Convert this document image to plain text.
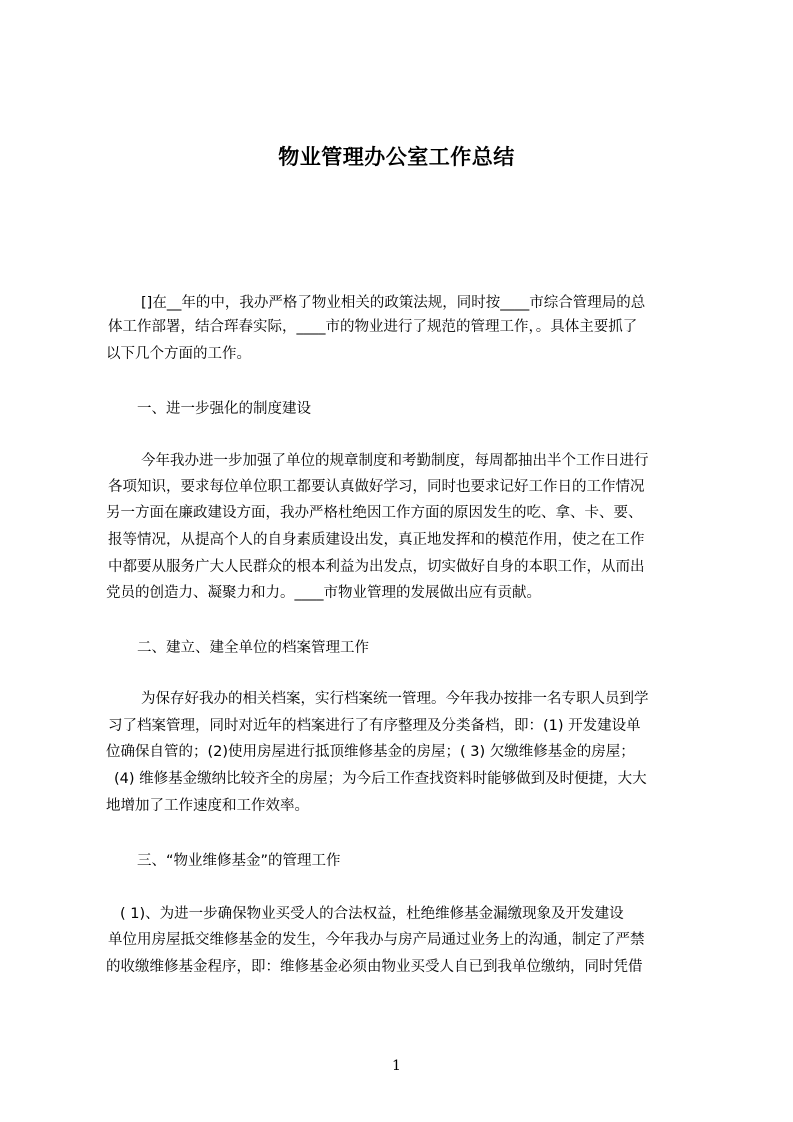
物业管理办公室工作总结
[]在__年的中，我办严格了物业相关的政策法规，同时按____市综合管理局的总
体工作部署，结合珲春实际，____市的物业进行了规范的管理工作，。具体主要抓了
以下几个方面的工作。
一、进一步强化的制度建设
今年我办进一步加强了单位的规章制度和考勤制度，每周都抽出半个工作日进行
各项知识，要求每位单位职工都要认真做好学习，同时也要求记好工作日的工作情况
另一方面在廉政建设方面，我办严格杜绝因工作方面的原因发生的吃、拿、卡、要、
报等情况，从提高个人的自身素质建设出发，真正地发挥和的模范作用，使之在工作
中都要从服务广大人民群众的根本利益为出发点，切实做好自身的本职工作，从而出
党员的创造力、凝聚力和力。____市物业管理的发展做出应有贡献。
二、建立、建全单位的档案管理工作
为保存好我办的相关档案，实行档案统一管理。今年我办按排一名专职人员到学
习了档案管理，同时对近年的档案进行了有序整理及分类备档，即：(1) 开发建设单
位确保自管的；(2)使用房屋进行抵顶维修基金的房屋；( 3) 欠缴维修基金的房屋；
(4) 维修基金缴纳比较齐全的房屋；为今后工作查找资料时能够做到及时便捷，大大
地增加了工作速度和工作效率。
三、“物业维修基金”的管理工作
( 1)、为进一步确保物业买受人的合法权益，杜绝维修基金漏缴现象及开发建设
单位用房屋抵交维修基金的发生，今年我办与房产局通过业务上的沟通，制定了严禁
的收缴维修基金程序，即：维修基金必须由物业买受人自已到我单位缴纳，同时凭借
1
